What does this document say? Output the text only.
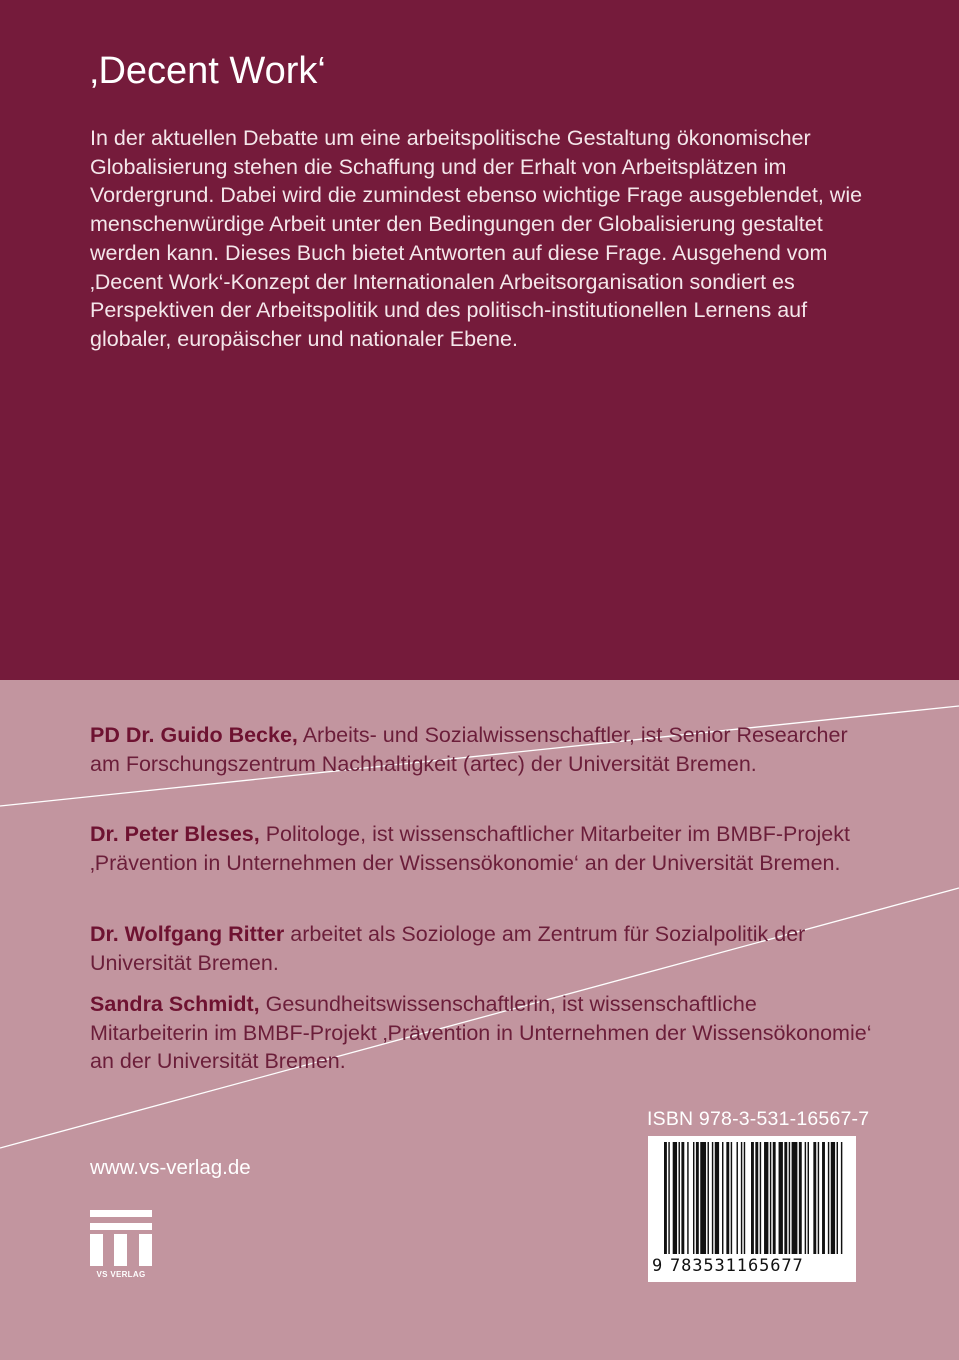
‚Decent Work‘

In der aktuellen Debatte um eine arbeitspolitische Gestaltung ökonomischer Globalisierung stehen die Schaffung und der Erhalt von Arbeitsplätzen im Vordergrund. Dabei wird die zumindest ebenso wichtige Frage ausgeblendet, wie menschenwürdige Arbeit unter den Bedingungen der Globalisierung gestaltet werden kann. Dieses Buch bietet Antworten auf diese Frage. Ausgehend vom ‚Decent Work‘-Konzept der Internationalen Arbeitsorganisation sondiert es Perspektiven der Arbeitspolitik und des politisch-institutionellen Lernens auf globaler, europäischer und nationaler Ebene.

PD Dr. Guido Becke, Arbeits- und Sozialwissenschaftler, ist Senior Researcher am Forschungszentrum Nachhaltigkeit (artec) der Universität Bremen.

Dr. Peter Bleses, Politologe, ist wissenschaftlicher Mitarbeiter im BMBF-Projekt ‚Prävention in Unternehmen der Wissensökonomie‘ an der Universität Bremen.

Dr. Wolfgang Ritter arbeitet als Soziologe am Zentrum für Sozialpolitik der Universität Bremen.

Sandra Schmidt, Gesundheitswissenschaftlerin, ist wissenschaftliche Mitarbeiterin im BMBF-Projekt ‚Prävention in Unternehmen der Wissensökonomie‘ an der Universität Bremen.

ISBN 978-3-531-16567-7

9

783531165677

www.vs-verlag.de
VS VERLAG
